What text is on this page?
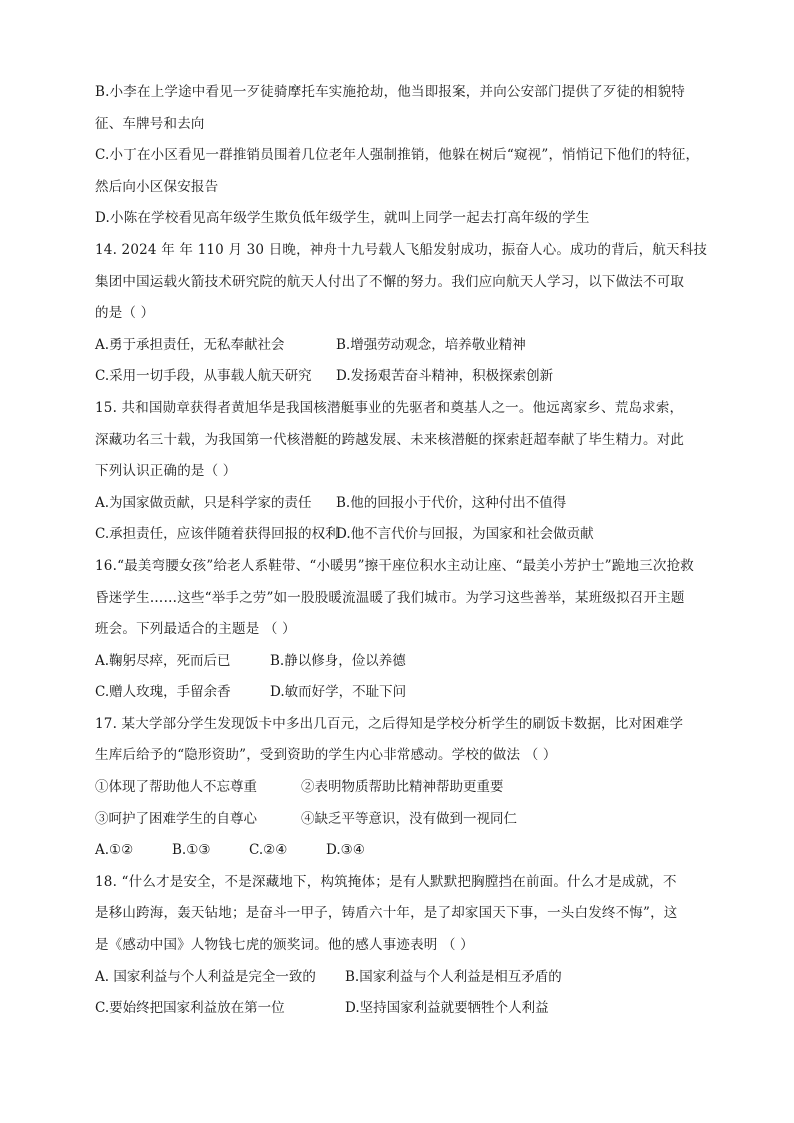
B.小李在上学途中看见一歹徒骑摩托车实施抢劫，他当即报案，并向公安部门提供了歹徒的相貌特
征、车牌号和去向
C.小丁在小区看见一群推销员围着几位老年人强制推销，他躲在树后“窥视”，悄悄记下他们的特征，
然后向小区保安报告
D.小陈在学校看见高年级学生欺负低年级学生，就叫上同学一起去打高年级的学生
14. 2024 年 年 110 月 30 日晚，神舟十九号载人飞船发射成功，振奋人心。成功的背后，航天科技
集团中国运载火箭技术研究院的航天人付出了不懈的努力。我们应向航天人学习，以下做法不可取
的是（ ）
A.勇于承担责任，无私奉献社会	B.增强劳动观念，培养敬业精神
C.采用一切手段，从事载人航天研究	D.发扬艰苦奋斗精神，积极探索创新
15. 共和国勋章获得者黄旭华是我国核潜艇事业的先驱者和奠基人之一。他远离家乡、荒岛求索，
深藏功名三十载，为我国第一代核潜艇的跨越发展、未来核潜艇的探索赶超奉献了毕生精力。对此
下列认识正确的是（ ）
A.为国家做贡献，只是科学家的责任	B.他的回报小于代价，这种付出不值得
C.承担责任，应该伴随着获得回报的权利
D.他不言代价与回报，为国家和社会做贡献
16.“最美弯腰女孩”给老人系鞋带、“小暖男”擦干座位积水主动让座、“最美小芳护士”跪地三次抢救
昏迷学生……这些“举手之劳”如一股股暖流温暖了我们城市。为学习这些善举，某班级拟召开主题
班会。下列最适合的主题是 （ ）
A.鞠躬尽瘁，死而后已	B.静以修身，俭以养德
C.赠人玫瑰，手留余香	D.敏而好学，不耻下问
17. 某大学部分学生发现饭卡中多出几百元，之后得知是学校分析学生的刷饭卡数据，比对困难学
生库后给予的“隐形资助”，受到资助的学生内心非常感动。学校的做法 （ ）
①体现了帮助他人不忘尊重	②表明物质帮助比精神帮助更重要
③呵护了困难学生的自尊心	④缺乏平等意识，没有做到一视同仁
A.①②	B.①③	C.②④	D.③④
18. “什么才是安全，不是深藏地下，构筑掩体；是有人默默把胸膛挡在前面。什么才是成就，不
是移山跨海，轰天钻地；是奋斗一甲子，铸盾六十年，是了却家国天下事，一头白发终不悔”，这
是《感动中国》人物钱七虎的颁奖词。他的感人事迹表明 （ ）
A. 国家利益与个人利益是完全一致的	B.国家利益与个人利益是相互矛盾的
C.要始终把国家利益放在第一位	D.坚持国家利益就要牺牲个人利益
